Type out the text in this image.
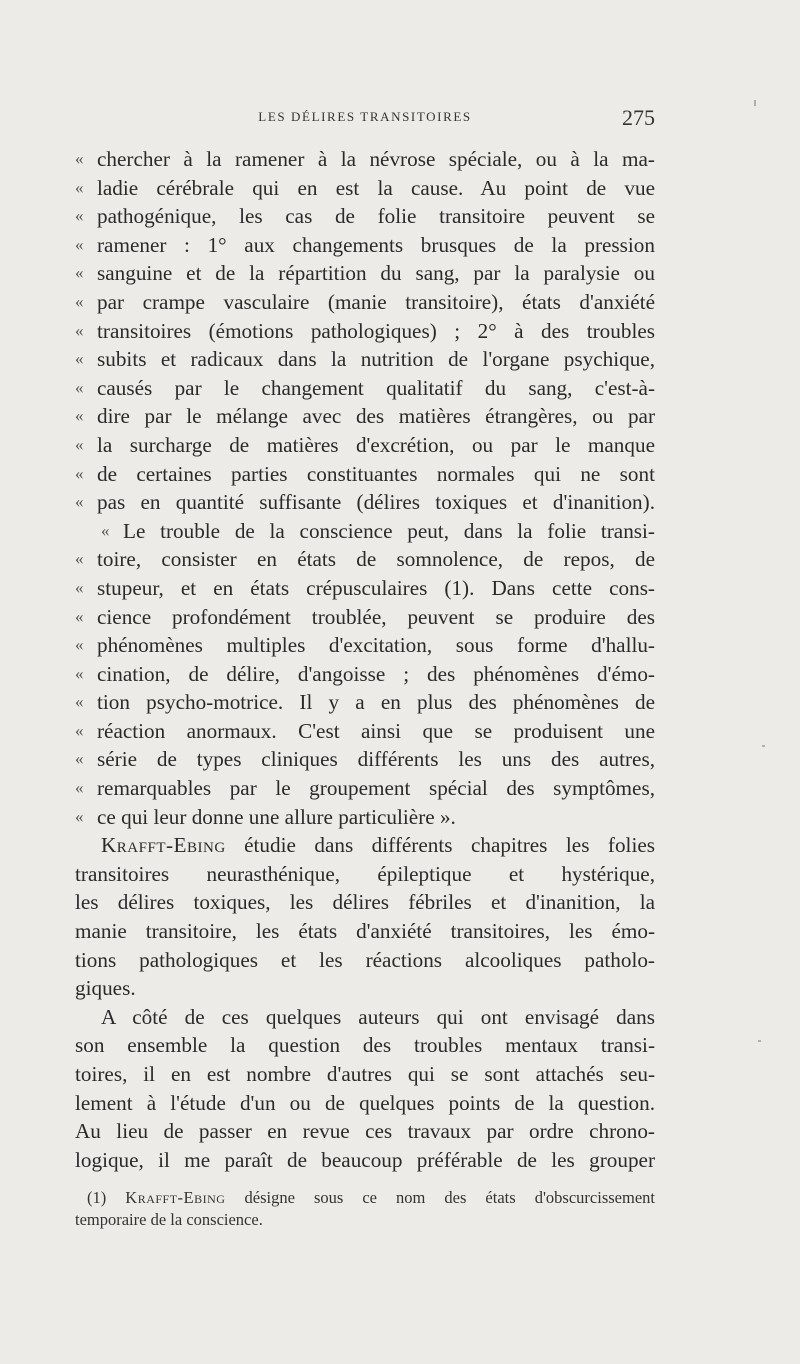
LES DÉLIRES TRANSITOIRES	275
« chercher à la ramener à la névrose spéciale, ou à la ma-
« ladie cérébrale qui en est la cause. Au point de vue
« pathogénique, les cas de folie transitoire peuvent se
« ramener : 1° aux changements brusques de la pression
« sanguine et de la répartition du sang, par la paralysie ou
« par crampe vasculaire (manie transitoire), états d'anxiété
« transitoires (émotions pathologiques) ; 2° à des troubles
« subits et radicaux dans la nutrition de l'organe psychique,
« causés par le changement qualitatif du sang, c'est-à-
« dire par le mélange avec des matières étrangères, ou par
« la surcharge de matières d'excrétion, ou par le manque
« de certaines parties constituantes normales qui ne sont
« pas en quantité suffisante (délires toxiques et d'inanition).
« Le trouble de la conscience peut, dans la folie transi-
« toire, consister en états de somnolence, de repos, de
« stupeur, et en états crépusculaires (1). Dans cette cons-
« cience profondément troublée, peuvent se produire des
« phénomènes multiples d'excitation, sous forme d'hallu-
« cination, de délire, d'angoisse ; des phénomènes d'émo-
« tion psycho-motrice. Il y a en plus des phénomènes de
« réaction anormaux. C'est ainsi que se produisent une
« série de types cliniques différents les uns des autres,
« remarquables par le groupement spécial des symptômes,
« ce qui leur donne une allure particulière ».
Krafft-Ebing étudie dans différents chapitres les folies
transitoires neurasthénique, épileptique et hystérique,
les délires toxiques, les délires fébriles et d'inanition, la
manie transitoire, les états d'anxiété transitoires, les émo-
tions pathologiques et les réactions alcooliques patholo-
giques.
A côté de ces quelques auteurs qui ont envisagé dans
son ensemble la question des troubles mentaux transi-
toires, il en est nombre d'autres qui se sont attachés seu-
lement à l'étude d'un ou de quelques points de la question.
Au lieu de passer en revue ces travaux par ordre chrono-
logique, il me paraît de beaucoup préférable de les grouper
(1) Krafft-Ebing désigne sous ce nom des états d'obscurcissement
temporaire de la conscience.
